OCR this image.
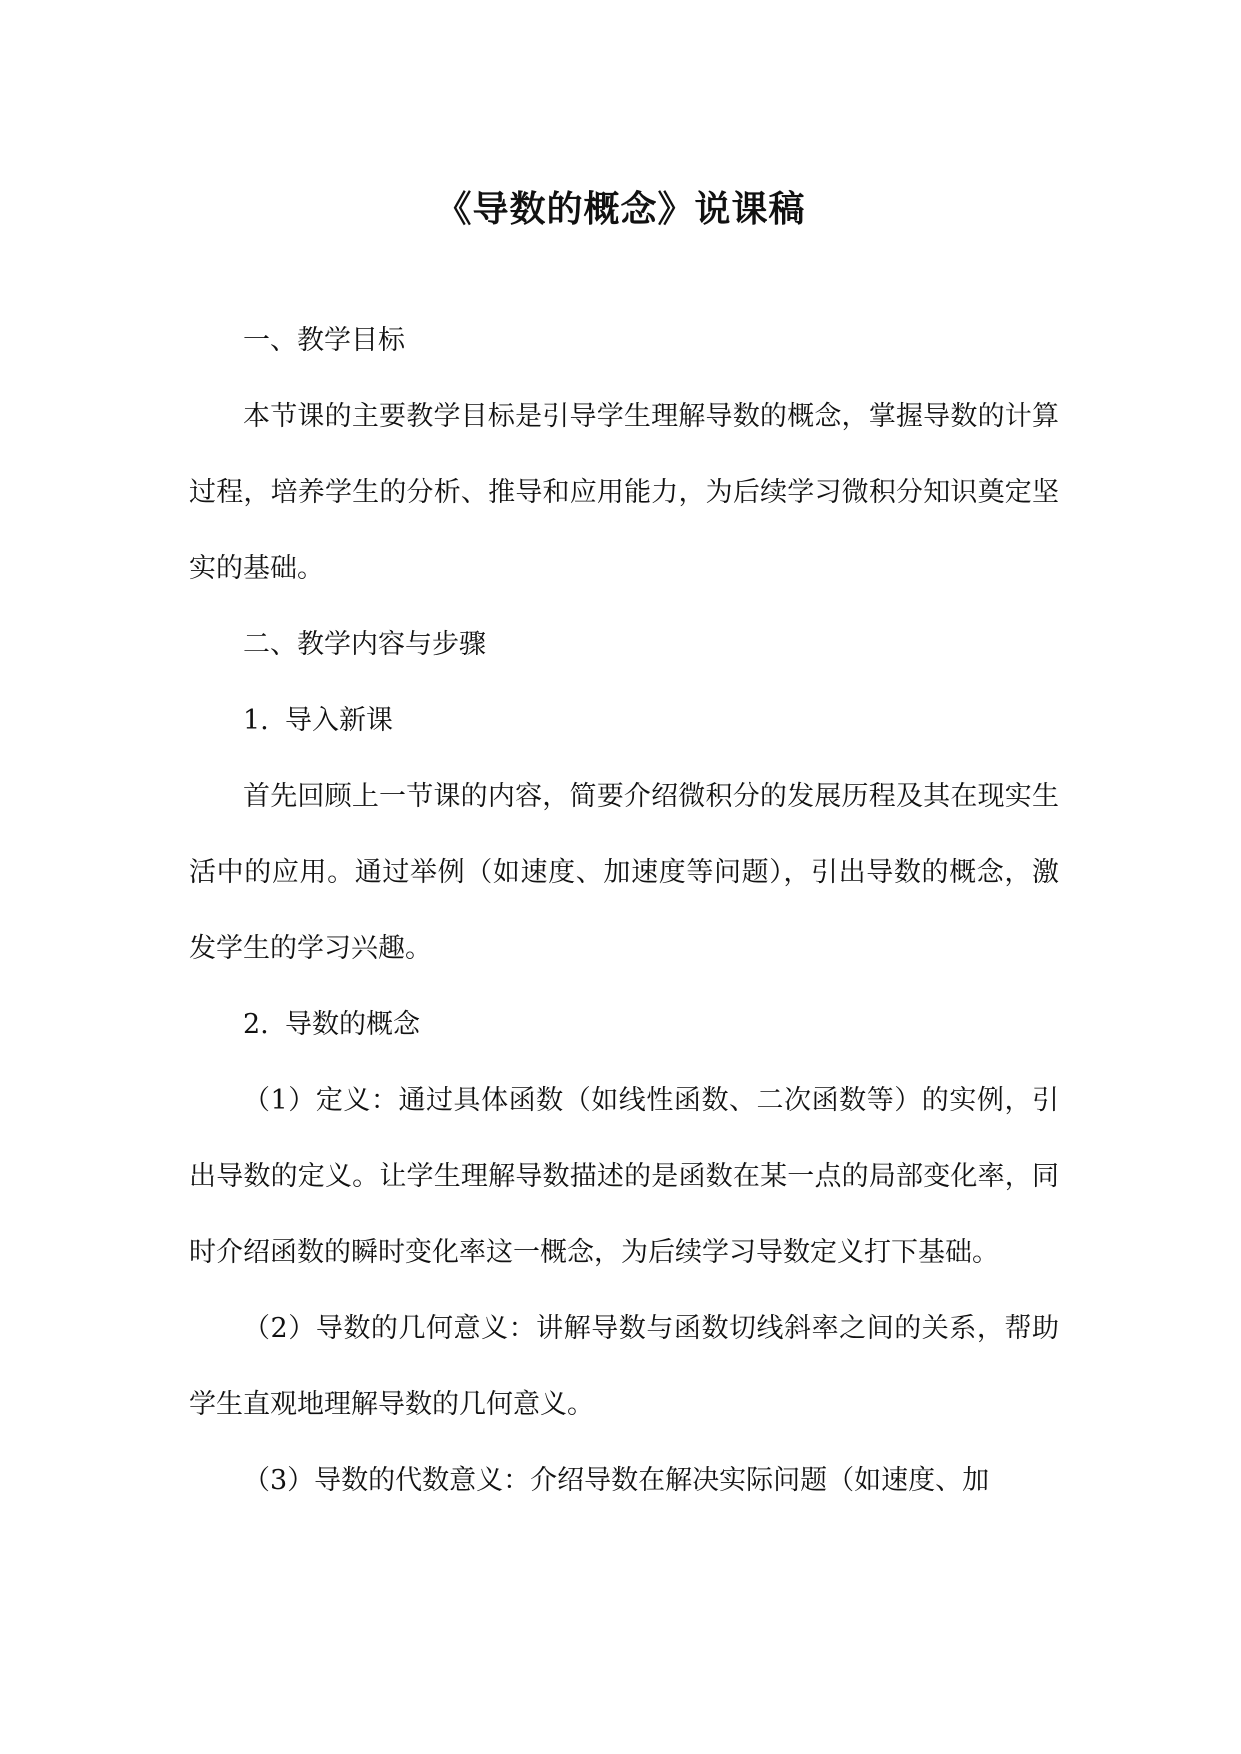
《导数的概念》说课稿

一、教学目标

本节课的主要教学目标是引导学生理解导数的概念，掌握导数的计算过程，培养学生的分析、推导和应用能力，为后续学习微积分知识奠定坚实的基础。

二、教学内容与步骤

1. 导入新课

首先回顾上一节课的内容，简要介绍微积分的发展历程及其在现实生活中的应用。通过举例（如速度、加速度等问题），引出导数的概念，激发学生的学习兴趣。

2. 导数的概念

（1）定义：通过具体函数（如线性函数、二次函数等）的实例，引出导数的定义。让学生理解导数描述的是函数在某一点的局部变化率，同时介绍函数的瞬时变化率这一概念，为后续学习导数定义打下基础。

（2）导数的几何意义：讲解导数与函数切线斜率之间的关系，帮助学生直观地理解导数的几何意义。

（3）导数的代数意义：介绍导数在解决实际问题（如速度、加
